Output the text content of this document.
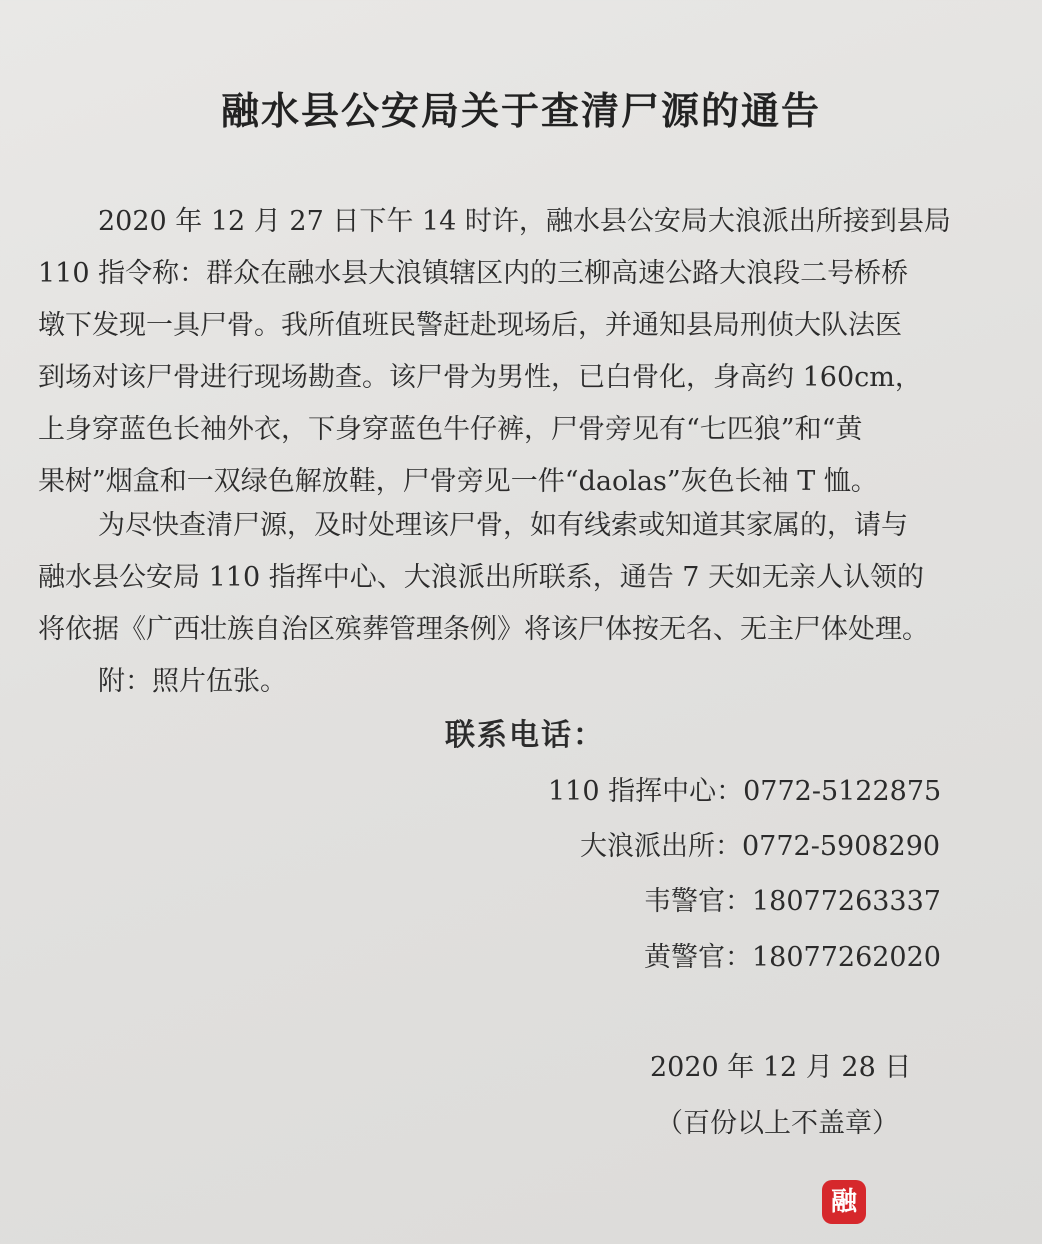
融水县公安局关于查清尸源的通告
2020 年 12 月 27 日下午 14 时许，融水县公安局大浪派出所接到县局
110 指令称：群众在融水县大浪镇辖区内的三柳高速公路大浪段二号桥桥
墩下发现一具尸骨。我所值班民警赶赴现场后，并通知县局刑侦大队法医
到场对该尸骨进行现场勘查。该尸骨为男性，已白骨化，身高约 160cm，
上身穿蓝色长袖外衣，下身穿蓝色牛仔裤，尸骨旁见有“七匹狼”和“黄
果树”烟盒和一双绿色解放鞋，尸骨旁见一件“daolas”灰色长袖 T 恤。
为尽快查清尸源，及时处理该尸骨，如有线索或知道其家属的，请与
融水县公安局 110 指挥中心、大浪派出所联系，通告 7 天如无亲人认领的
将依据《广西壮族自治区殡葬管理条例》将该尸体按无名、无主尸体处理。
附：照片伍张。
联系电话：
110 指挥中心：0772-5122875
大浪派出所：0772-5908290
韦警官：18077263337
黄警官：18077262020
2020 年 12 月 28 日
（百份以上不盖章）
融
